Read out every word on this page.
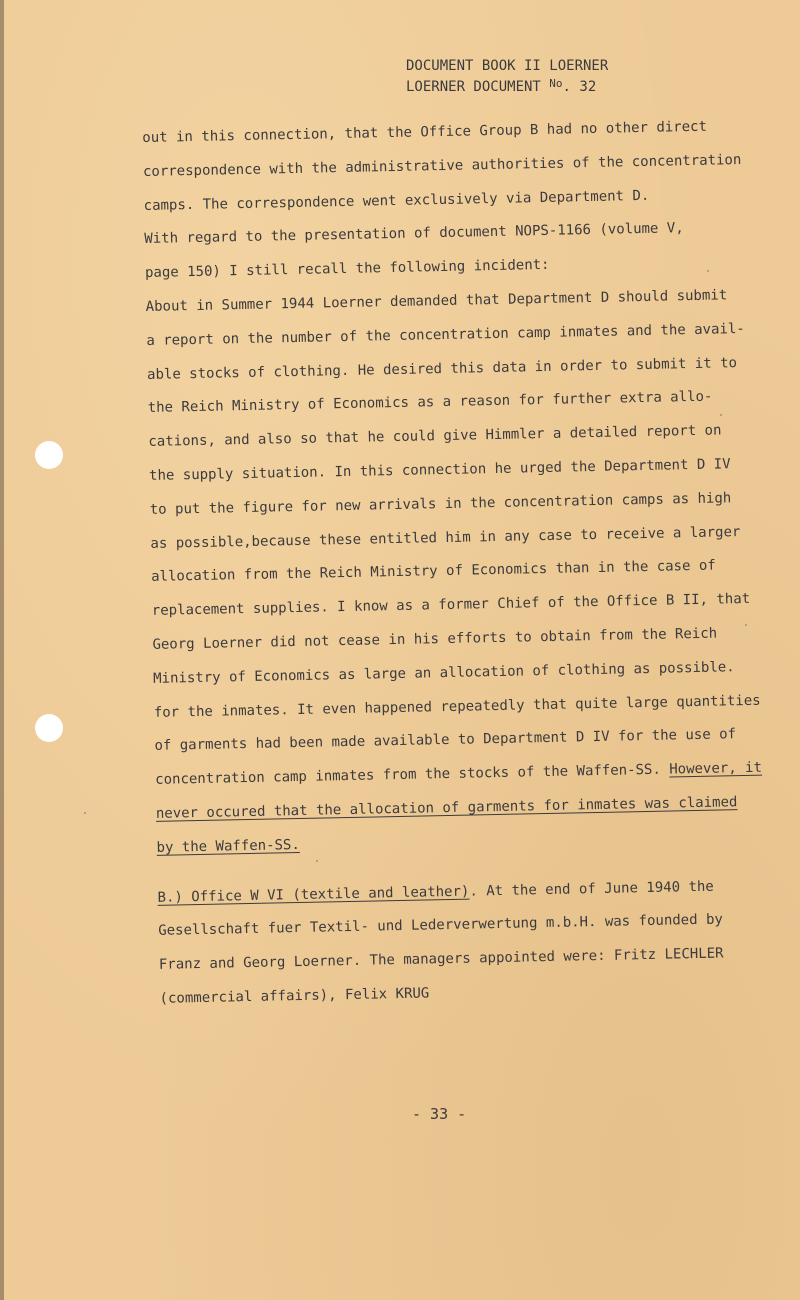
DOCUMENT BOOK II LOERNER
LOERNER DOCUMENT $^{No}$. 32
out in this connection, that the Office Group B had no other direct
correspondence with the administrative authorities of the concentration
camps. The correspondence went exclusively via Department D.
With regard to the presentation of document NOPS-1166 (volume V,
page 150) I still recall the following incident:
About in Summer 1944 Loerner demanded that Department D should submit
a report on the number of the concentration camp inmates and the avail-
able stocks of clothing. He desired this data in order to submit it to
the Reich Ministry of Economics as a reason for further extra allo-
cations, and also so that he could give Himmler a detailed report on
the supply situation. In this connection he urged the Department D IV
to put the figure for new arrivals in the concentration camps as high
as possible,because these entitled him in any case to receive a larger
allocation from the Reich Ministry of Economics than in the case of
replacement supplies. I know as a former Chief of the Office B II, that
Georg Loerner did not cease in his efforts to obtain from the Reich
Ministry of Economics as large an allocation of clothing as possible.
for the inmates. It even happened repeatedly that quite large quantities
of garments had been made available to Department D IV for the use of
concentration camp inmates from the stocks of the Waffen-SS. However, it
never occured that the allocation of garments for inmates was claimed
by the Waffen-SS.
B.) Office W VI (textile and leather). At the end of June 1940 the
Gesellschaft fuer Textil- und Lederverwertung m.b.H. was founded by
Franz and Georg Loerner. The managers appointed were: Fritz LECHLER
(commercial affairs), Felix KRUG
- 33 -
